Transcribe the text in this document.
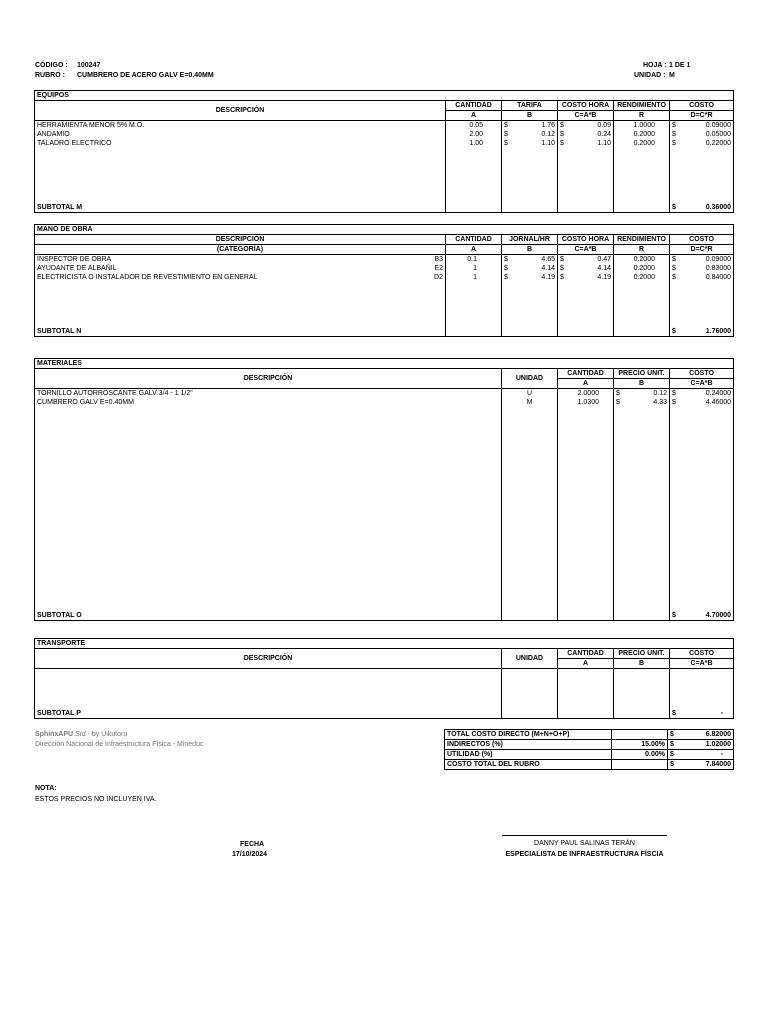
CÓDIGO : 100247
RUBRO : CUMBRERO DE ACERO GALV E=0.40MM
HOJA : 1 DE 1
UNIDAD : M
EQUIPOS					
DESCRIPCIÓN	CANTIDAD	TARIFA	COSTO HORA	RENDIMIENTO	COSTO
	A	B	C=A*B	R	D=C*R
HERRAMIENTA MENOR 5% M.O.	0.05	$ 1.76	$ 0.09	1.0000	$ 0.09000

ANDAMIO	2.00	$ 0.12	$ 0.24	0.2000	$ 0.05000

TALADRO ELECTRICO	1.00	$ 1.10	$ 1.10	0.2000	$ 0.22000

SUBTOTAL M					$ 0.36000
MANO DE OBRA					
DESCRIPCIÓN	CANTIDAD	JORNAL/HR	COSTO HORA	RENDIMIENTO	COSTO
(CATEGORÍA)	A	B	C=A*B	R	D=C*R
INSPECTOR DE OBRA B3	0.1	$ 4.65	$ 0.47	0.2000	$ 0.09000

AYUDANTE DE ALBAÑIL E2	1	$ 4.14	$ 4.14	0.2000	$ 0.83000

ELECTRICISTA O INSTALADOR DE REVESTIMIENTO EN GENERAL D2	1	$ 4.19	$ 4.19	0.2000	$ 0.84000

SUBTOTAL N					$ 1.76000
MATERIALES				
DESCRIPCIÓN	UNIDAD	CANTIDAD	PRECIO UNIT.	COSTO
		A	B	C=A*B
TORNILLO AUTORROSCANTE GALV 3/4 - 1 1/2"	U	2.0000	$ 0.12	$ 0.24000

CUMBRERO GALV E=0.40MM	M	1.0300	$ 4.33	$ 4.46000

SUBTOTAL O				$ 4.70000
TRANSPORTE				
DESCRIPCIÓN	UNIDAD	CANTIDAD	PRECIO UNIT.	COSTO
		A	B	C=A*B

SUBTOTAL P				$ -
SphinxAPU Std - by Uikutoru
Dirección Nacional de Infraestructura Física - Mineduc
TOTAL COSTO DIRECTO (M+N+O+P)		$ 6.82000

INDIRECTOS (%)	15.00%	$ 1.02000

UTILIDAD (%)	0.00%	$ -

COSTO TOTAL DEL RUBRO		$ 7.84000
NOTA:
ESTOS PRECIOS NO INCLUYEN IVA.
FECHA
17/10/2024
DANNY PAUL SALINAS TERÁN
ESPECIALISTA DE INFRAESTRUCTURA FÍSCIA
